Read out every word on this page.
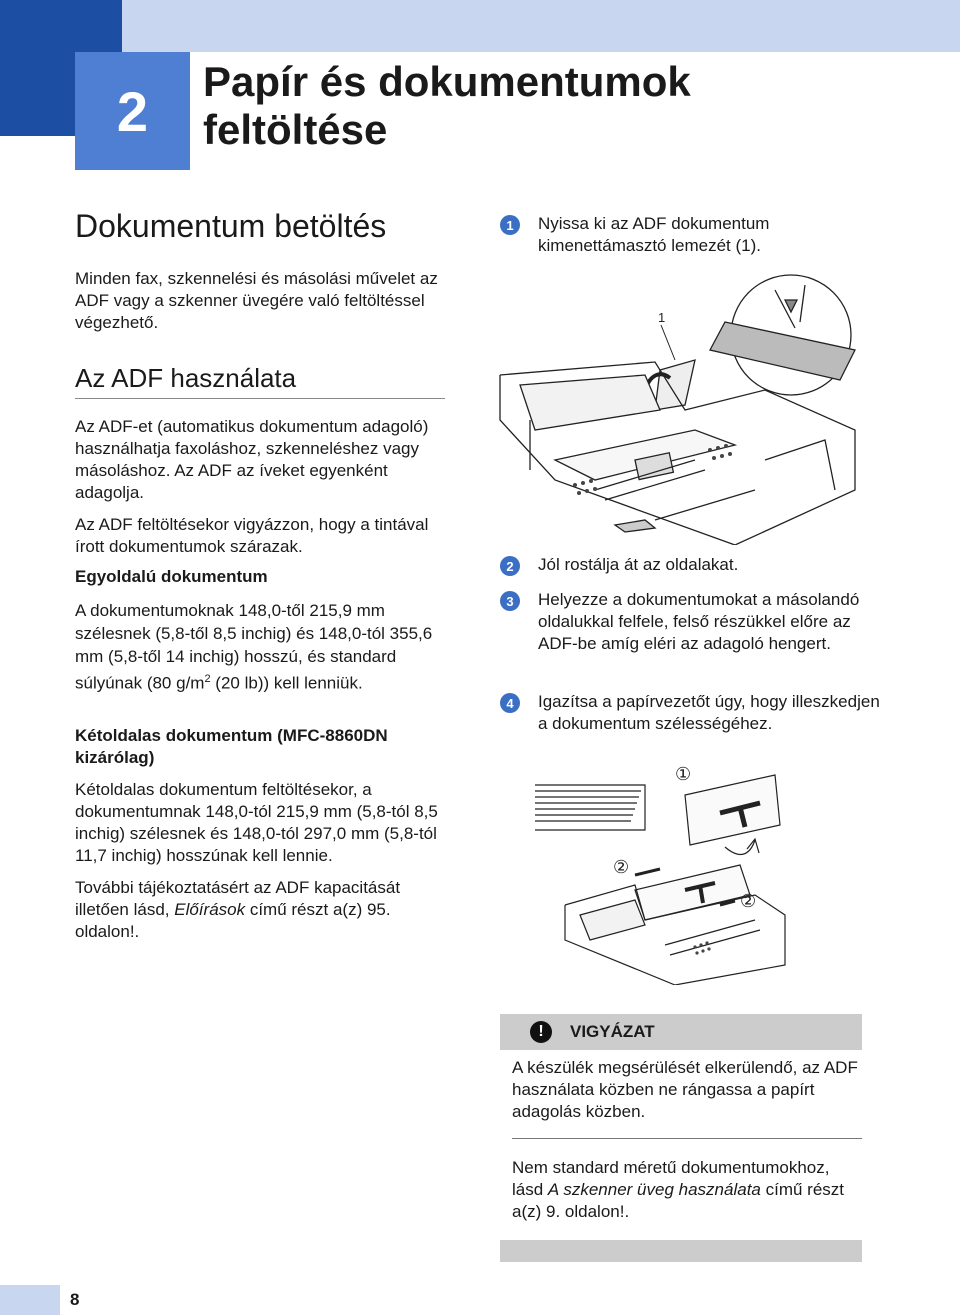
2 Papír és dokumentumok feltöltése
Dokumentum betöltés
Minden fax, szkennelési és másolási művelet az ADF vagy a szkenner üvegére való feltöltéssel végezhető.
Az ADF használata
Az ADF-et (automatikus dokumentum adagoló) használhatja faxoláshoz, szkenneléshez vagy másoláshoz. Az ADF az íveket egyenként adagolja.
Az ADF feltöltésekor vigyázzon, hogy a tintával írott dokumentumok szárazak.
Egyoldalú dokumentum
A dokumentumoknak 148,0-től 215,9 mm szélesnek (5,8-től 8,5 inchig) és 148,0-tól 355,6 mm (5,8-től 14 inchig) hosszú, és standard súlyúnak (80 $g/m^2$ (20 lb)) kell lenniük.
Kétoldalas dokumentum (MFC-8860DN kizárólag)
Kétoldalas dokumentum feltöltésekor, a dokumentumnak 148,0-tól 215,9 mm (5,8-tól 8,5 inchig) szélesnek és 148,0-tól 297,0 mm (5,8-tól 11,7 inchig) hosszúnak kell lennie.
További tájékoztatásért az ADF kapacitását illetően lásd, Előírások című részt a(z) 95. oldalon!.
1	Nyissa ki az ADF dokumentum kimenettámasztó lemezét (1).
1
2	Jól rostálja át az oldalakat.
3	Helyezze a dokumentumokat a másolandó oldalukkal felfele, felső részükkel előre az ADF-be amíg eléri az adagoló hengert.
4	Igazítsa a papírvezetőt úgy, hogy illeszkedjen a dokumentum szélességéhez.
①
②
②
!	VIGYÁZAT
A készülék megsérülését elkerülendő, az ADF használata közben ne rángassa a papírt adagolás közben.
Nem standard méretű dokumentumokhoz, lásd A szkenner üveg használata című részt a(z) 9. oldalon!.
8
